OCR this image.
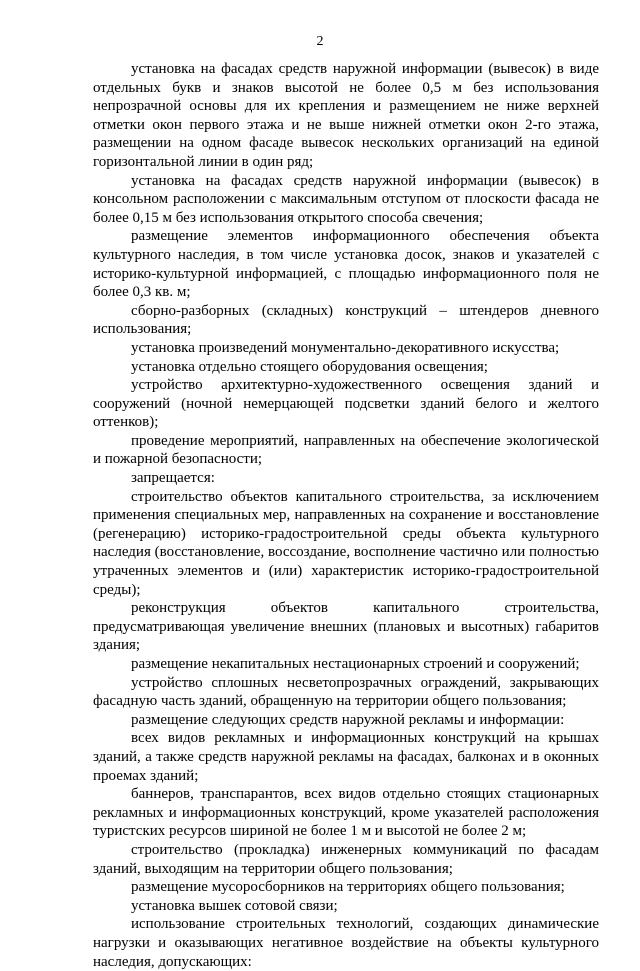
2

установка на фасадах средств наружной информации (вывесок) в виде отдельных букв и знаков высотой не более 0,5 м без использования непрозрачной основы для их крепления и размещением не ниже верхней отметки окон первого этажа и не выше нижней отметки окон 2-го этажа, размещении на одном фасаде вывесок нескольких организаций на единой горизонтальной линии в один ряд;

установка на фасадах средств наружной информации (вывесок) в консольном расположении с максимальным отступом от плоскости фасада не более 0,15 м без использования открытого способа свечения;

размещение элементов информационного обеспечения объекта культурного наследия, в том числе установка досок, знаков и указателей с историко-культурной информацией, с площадью информационного поля не более 0,3 кв. м;

сборно-разборных (складных) конструкций – штендеров дневного использования;

установка произведений монументально-декоративного искусства;

установка отдельно стоящего оборудования освещения;

устройство архитектурно-художественного освещения зданий и сооружений (ночной немерцающей подсветки зданий белого и желтого оттенков);

проведение мероприятий, направленных на обеспечение экологической и пожарной безопасности;

запрещается:

строительство объектов капитального строительства, за исключением применения специальных мер, направленных на сохранение и восстановление (регенерацию) историко-градостроительной среды объекта культурного наследия (восстановление, воссоздание, восполнение частично или полностью утраченных элементов и (или) характеристик историко-градостроительной среды);

реконструкция объектов капитального строительства, предусматривающая увеличение внешних (плановых и высотных) габаритов здания;

размещение некапитальных нестационарных строений и сооружений;

устройство сплошных несветопрозрачных ограждений, закрывающих фасадную часть зданий, обращенную на территории общего пользования;

размещение следующих средств наружной рекламы и информации:

всех видов рекламных и информационных конструкций на крышах зданий, а также средств наружной рекламы на фасадах, балконах и в оконных проемах зданий;

баннеров, транспарантов, всех видов отдельно стоящих стационарных рекламных и информационных конструкций, кроме указателей расположения туристских ресурсов шириной не более 1 м и высотой не более 2 м;

строительство (прокладка) инженерных коммуникаций по фасадам зданий, выходящим на территории общего пользования;

размещение мусоросборников на территориях общего пользования;

установка вышек сотовой связи;

использование строительных технологий, создающих динамические нагрузки и оказывающих негативное воздействие на объекты культурного наследия, допускающих:
